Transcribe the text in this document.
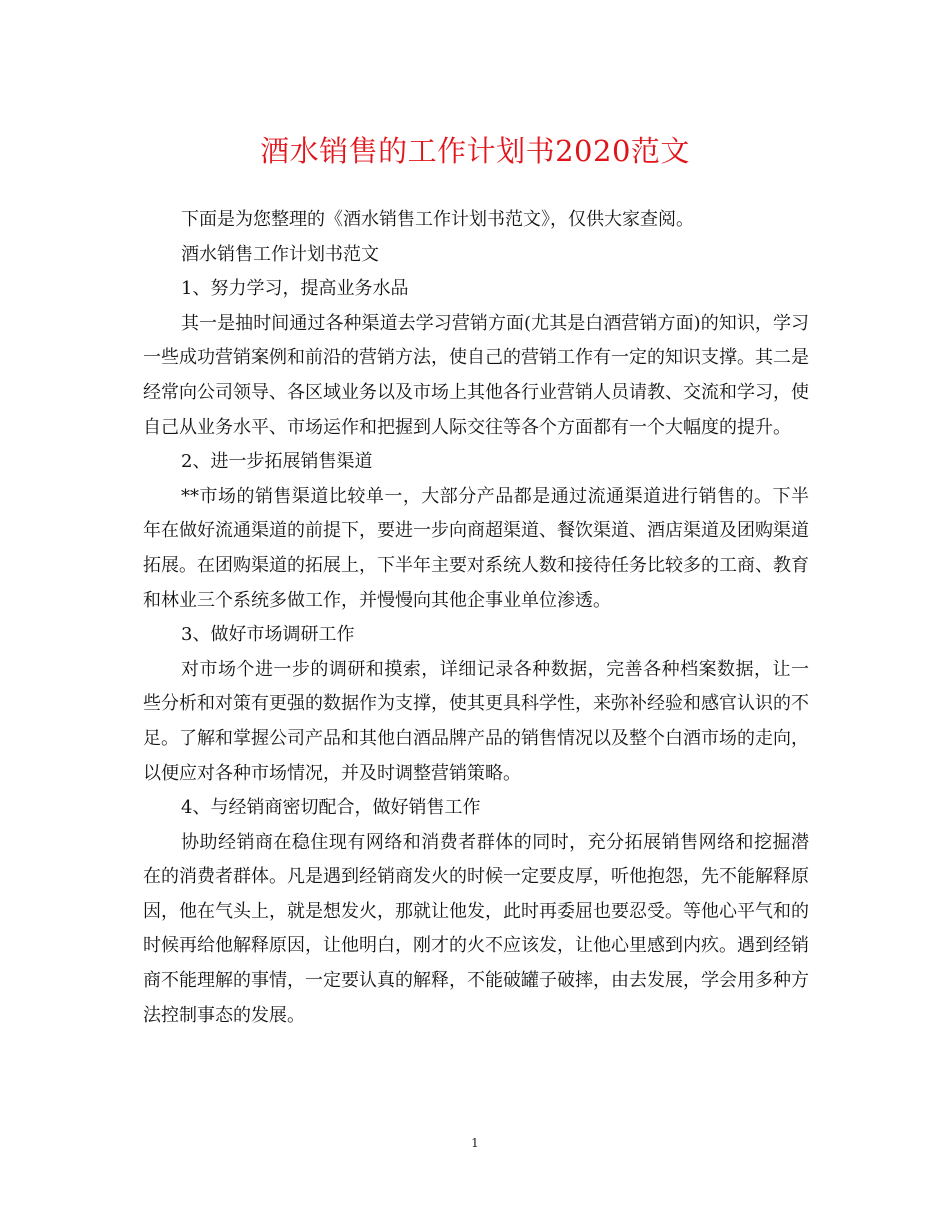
酒水销售的工作计划书2020范文

下面是为您整理的《酒水销售工作计划书范文》，仅供大家查阅。

酒水销售工作计划书范文

1、努力学习，提高业务水品

其一是抽时间通过各种渠道去学习营销方面(尤其是白酒营销方面)的知识，学习一些成功营销案例和前沿的营销方法，使自己的营销工作有一定的知识支撑。其二是经常向公司领导、各区域业务以及市场上其他各行业营销人员请教、交流和学习，使自己从业务水平、市场运作和把握到人际交往等各个方面都有一个大幅度的提升。

2、进一步拓展销售渠道

**市场的销售渠道比较单一，大部分产品都是通过流通渠道进行销售的。下半年在做好流通渠道的前提下，要进一步向商超渠道、餐饮渠道、酒店渠道及团购渠道拓展。在团购渠道的拓展上，下半年主要对系统人数和接待任务比较多的工商、教育和林业三个系统多做工作，并慢慢向其他企事业单位渗透。

3、做好市场调研工作

对市场个进一步的调研和摸索，详细记录各种数据，完善各种档案数据，让一些分析和对策有更强的数据作为支撑，使其更具科学性，来弥补经验和感官认识的不足。了解和掌握公司产品和其他白酒品牌产品的销售情况以及整个白酒市场的走向，以便应对各种市场情况，并及时调整营销策略。

4、与经销商密切配合，做好销售工作

协助经销商在稳住现有网络和消费者群体的同时，充分拓展销售网络和挖掘潜在的消费者群体。凡是遇到经销商发火的时候一定要皮厚，听他抱怨，先不能解释原因，他在气头上，就是想发火，那就让他发，此时再委屈也要忍受。等他心平气和的时候再给他解释原因，让他明白，刚才的火不应该发，让他心里感到内疚。遇到经销商不能理解的事情，一定要认真的解释，不能破罐子破摔，由去发展，学会用多种方法控制事态的发展。

1
